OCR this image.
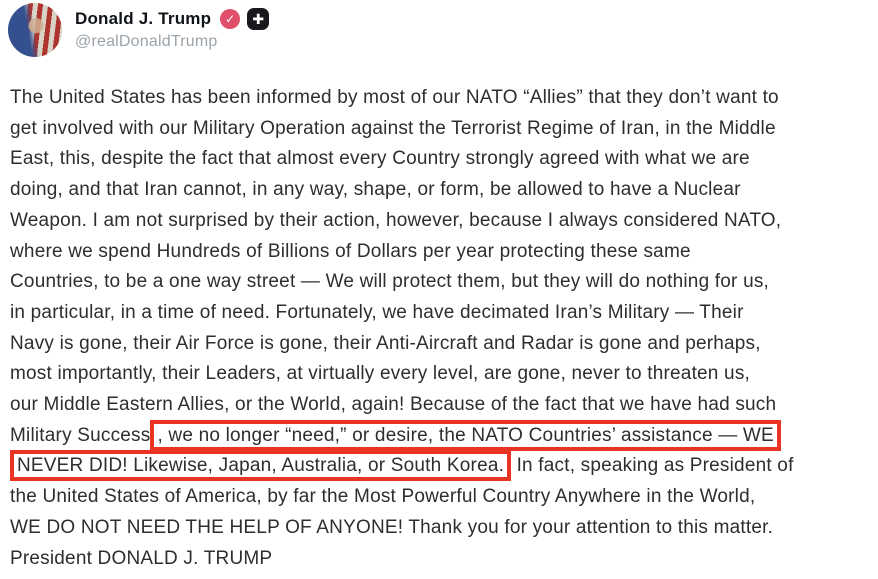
Donald J. Trump	✓	✚
@realDonaldTrump
The United States has been informed by most of our NATO “Allies” that they don’t want to
get involved with our Military Operation against the Terrorist Regime of Iran, in the Middle
East, this, despite the fact that almost every Country strongly agreed with what we are
doing, and that Iran cannot, in any way, shape, or form, be allowed to have a Nuclear
Weapon. I am not surprised by their action, however, because I always considered NATO,
where we spend Hundreds of Billions of Dollars per year protecting these same
Countries, to be a one way street — We will protect them, but they will do nothing for us,
in particular, in a time of need. Fortunately, we have decimated Iran’s Military — Their
Navy is gone, their Air Force is gone, their Anti-Aircraft and Radar is gone and perhaps,
most importantly, their Leaders, at virtually every level, are gone, never to threaten us,
our Middle Eastern Allies, or the World, again! Because of the fact that we have had such
Military Success , we no longer “need,” or desire, the NATO Countries’ assistance — WE
NEVER DID! Likewise, Japan, Australia, or South Korea. In fact, speaking as President of
the United States of America, by far the Most Powerful Country Anywhere in the World,
WE DO NOT NEED THE HELP OF ANYONE! Thank you for your attention to this matter.
President DONALD J. TRUMP
